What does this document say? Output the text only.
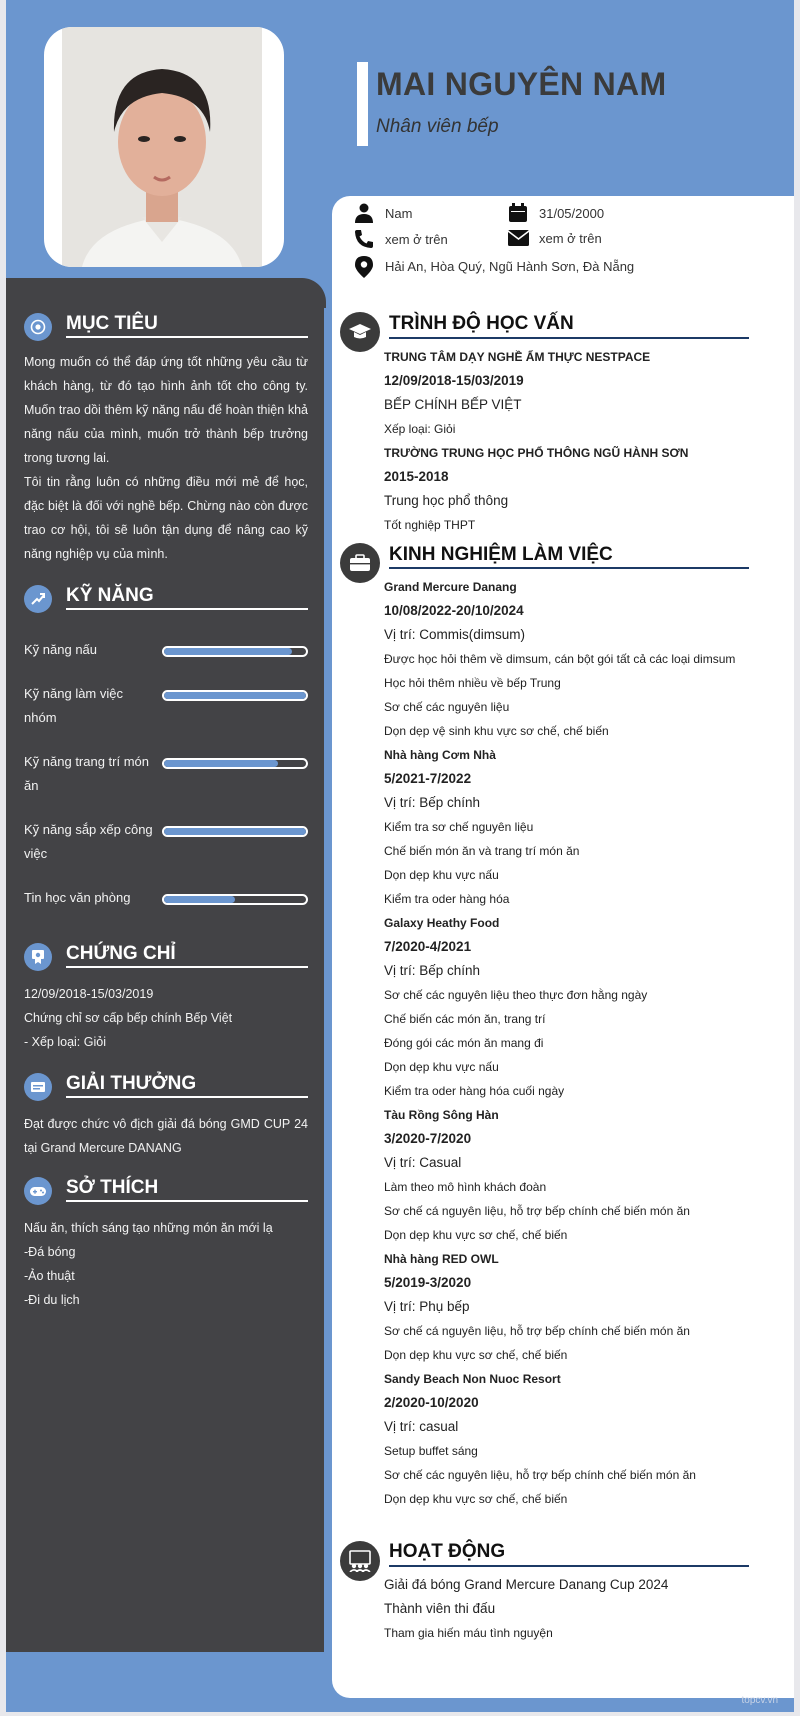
MAI NGUYÊN NAM
Nhân viên bếp
Nam	31/05/2000
xem ở trên	xem ở trên
Hải An, Hòa Quý, Ngũ Hành Sơn, Đà Nẵng
MỤC TIÊU
Mong muốn có thể đáp ứng tốt những yêu cầu từ khách hàng, từ đó tạo hình ảnh tốt cho công ty. Muốn trao dồi thêm kỹ năng nấu để hoàn thiện khả năng nấu của mình, muốn trở thành bếp trưởng trong tương lai.
Tôi tin rằng luôn có những điều mới mẻ để học, đặc biệt là đối với nghề bếp. Chừng nào còn được trao cơ hội, tôi sẽ luôn tận dụng để nâng cao kỹ năng nghiệp vụ của mình.
KỸ NĂNG
Kỹ năng nấu
Kỹ năng làm việc nhóm
Kỹ năng trang trí món ăn
Kỹ năng sắp xếp công việc
Tin học văn phòng
CHỨNG CHỈ
12/09/2018-15/03/2019
Chứng chỉ sơ cấp bếp chính Bếp Việt
- Xếp loại: Giỏi
GIẢI THƯỞNG
Đạt được chức vô địch giải đá bóng GMD CUP 24 tại Grand Mercure DANANG
SỞ THÍCH
Nấu ăn, thích sáng tạo những món ăn mới lạ
-Đá bóng
-Ảo thuật
-Đi du lịch
TRÌNH ĐỘ HỌC VẤN
TRUNG TÂM DẠY NGHỀ ẨM THỰC NESTPACE
12/09/2018-15/03/2019
BẾP CHÍNH BẾP VIỆT
Xếp loại: Giỏi
TRƯỜNG TRUNG HỌC PHỔ THÔNG NGŨ HÀNH SƠN
2015-2018
Trung học phổ thông
Tốt nghiệp THPT
KINH NGHIỆM LÀM VIỆC
Grand Mercure Danang
10/08/2022-20/10/2024
Vị trí: Commis(dimsum)
Được học hỏi thêm về dimsum, cán bột gói tất cả các loại dimsum
Học hỏi thêm nhiều về bếp Trung
Sơ chế các nguyên liệu
Dọn dẹp vệ sinh khu vực sơ chế, chế biến
Nhà hàng Cơm Nhà
5/2021-7/2022
Vị trí: Bếp chính
Kiểm tra sơ chế nguyên liệu
Chế biến món ăn và trang trí món ăn
Dọn dẹp khu vực nấu
Kiểm tra oder hàng hóa
Galaxy Heathy Food
7/2020-4/2021
Vị trí: Bếp chính
Sơ chế các nguyên liệu theo thực đơn hằng ngày
Chế biến các món ăn, trang trí
Đóng gói các món ăn mang đi
Dọn dẹp khu vực nấu
Kiểm tra oder hàng hóa cuối ngày
Tàu Rồng Sông Hàn
3/2020-7/2020
Vị trí: Casual
Làm theo mô hình khách đoàn
Sơ chế cá nguyên liệu, hỗ trợ bếp chính chế biến món ăn
Dọn dẹp khu vực sơ chế, chế biến
Nhà hàng RED OWL
5/2019-3/2020
Vị trí: Phụ bếp
Sơ chế cá nguyên liệu, hỗ trợ bếp chính chế biến món ăn
Dọn dẹp khu vực sơ chế, chế biến
Sandy Beach Non Nuoc Resort
2/2020-10/2020
Vị trí: casual
Setup buffet sáng
Sơ chế các nguyên liệu, hỗ trợ bếp chính chế biến món ăn
Dọn dẹp khu vực sơ chế, chế biến
HOẠT ĐỘNG
Giải đá bóng Grand Mercure Danang Cup 2024
Thành viên thi đấu
Tham gia hiến máu tình nguyện
topcv.vn
